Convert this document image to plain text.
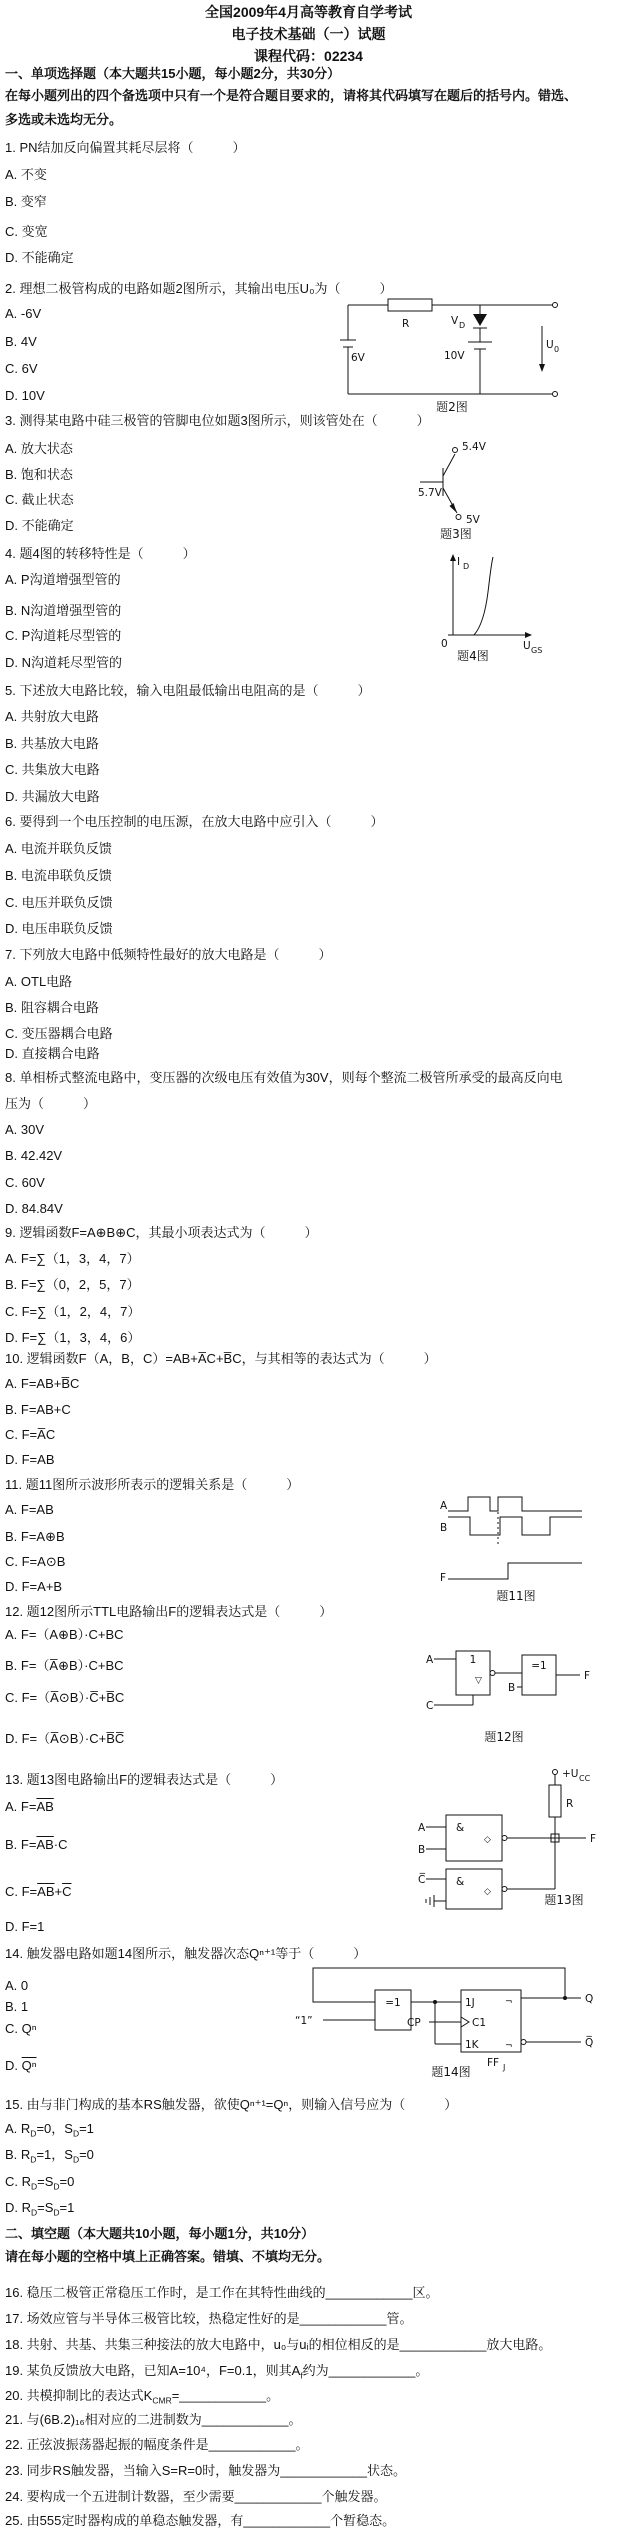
全国2009年4月高等教育自学考试
电子技术基础（一）试题
课程代码：02234
一、单项选择题（本大题共15小题，每小题2分，共30分）
在每小题列出的四个备选项中只有一个是符合题目要求的，请将其代码填写在题后的括号内。错选、
多选或未选均无分。
1. PN结加反向偏置其耗尽层将（　　　）
A. 不变
B. 变窄
C. 变宽
D. 不能确定
2. 理想二极管构成的电路如题2图所示，其输出电压U₀为（　　　）
A. -6V
B. 4V
C. 6V
D. 10V
R
6V
V D
10V
U 0
题2图
3. 测得某电路中硅三极管的管脚电位如题3图所示，则该管处在（　　　）
A. 放大状态
B. 饱和状态
C. 截止状态
D. 不能确定
5.7V
5.4V
5V
题3图
4. 题4图的转移特性是（　　　）
A. P沟道增强型管的
B. N沟道增强型管的
C. P沟道耗尽型管的
D. N沟道耗尽型管的
I D
U GS
0
题4图
5. 下述放大电路比较，输入电阻最低输出电阻高的是（　　　）
A. 共射放大电路
B. 共基放大电路
C. 共集放大电路
D. 共漏放大电路
6. 要得到一个电压控制的电压源，在放大电路中应引入（　　　）
A. 电流并联负反馈
B. 电流串联负反馈
C. 电压并联负反馈
D. 电压串联负反馈
7. 下列放大电路中低频特性最好的放大电路是（　　　）
A. OTL电路
B. 阻容耦合电路
C. 变压器耦合电路
D. 直接耦合电路
8. 单相桥式整流电路中，变压器的次级电压有效值为30V，则每个整流二极管所承受的最高反向电
压为（　　　）
A. 30V
B. 42.42V
C. 60V
D. 84.84V
9. 逻辑函数F=A⊕B⊕C，其最小项表达式为（　　　）
A. F=∑（1，3，4，7）
B. F=∑（0，2，5，7）
C. F=∑（1，2，4，7）
D. F=∑（1，3，4，6）
10. 逻辑函数F（A，B，C）=AB+A̅C+B̅C，与其相等的表达式为（　　　）
A. F=AB+B̅C
B. F=AB+C
C. F=A̅C
D. F=AB
11. 题11图所示波形所表示的逻辑关系是（　　　）
A. F=AB
B. F=A⊕B
C. F=A⊙B
D. F=A+B
A
B
F
题11图
12. 题12图所示TTL电路输出F的逻辑表达式是（　　　）
A. F=（A⊕B）·C+BC
B. F=（A̅⊕B）·C+BC
C. F=（A̅⊙B）·C̅+B̅C
D. F=（A̅⊙B）·C+B̅C̅
A	1
▽
C
=1
B
F
题12图
13. 题13图电路输出F的逻辑表达式是（　　　）
A. $F=\overline{AB}$
B. $F=\overline{AB}\cdot C$
C. $F=\overline{AB}+\overline{C}$
D. F=1
+U CC
R
F
&
◇
A
B
&
◇
C̅
题13图
14. 触发器电路如题14图所示，触发器次态Qⁿ⁺¹等于（　　　）
A. 0
B. 1
C. Qⁿ
D. $\overline{Q^n}$
“1”
=1
CP
1J
C1
1K
¬
¬
Q
Q̅
FF J
题14图
15. 由与非门构成的基本RS触发器，欲使Qⁿ⁺¹=Qⁿ，则输入信号应为（　　　）
A. $R_D=0$，$S_D=1$
B. $R_D=1$，$S_D=0$
C. $R_D=S_D=0$
D. $R_D=S_D=1$
二、填空题（本大题共10小题，每小题1分，共10分）
请在每小题的空格中填上正确答案。错填、不填均无分。
16. 稳压二极管正常稳压工作时，是工作在其特性曲线的____________区。
17. 场效应管与半导体三极管比较，热稳定性好的是____________管。
18. 共射、共基、共集三种接法的放大电路中，u₀与uᵢ的相位相反的是____________放大电路。
19. 某负反馈放大电路，已知A=10⁴，F=0.1，则其$A_f$约为____________。
20. 共模抑制比的表达式$K_{CMR}=\_\_\_\_\_\_\_\_\_\_\_\_$。
21. 与(6B.2)₁₆相对应的二进制数为____________。
22. 正弦波振荡器起振的幅度条件是____________。
23. 同步RS触发器，当输入S=R=0时，触发器为____________状态。
24. 要构成一个五进制计数器，至少需要____________个触发器。
25. 由555定时器构成的单稳态触发器，有____________个暂稳态。
